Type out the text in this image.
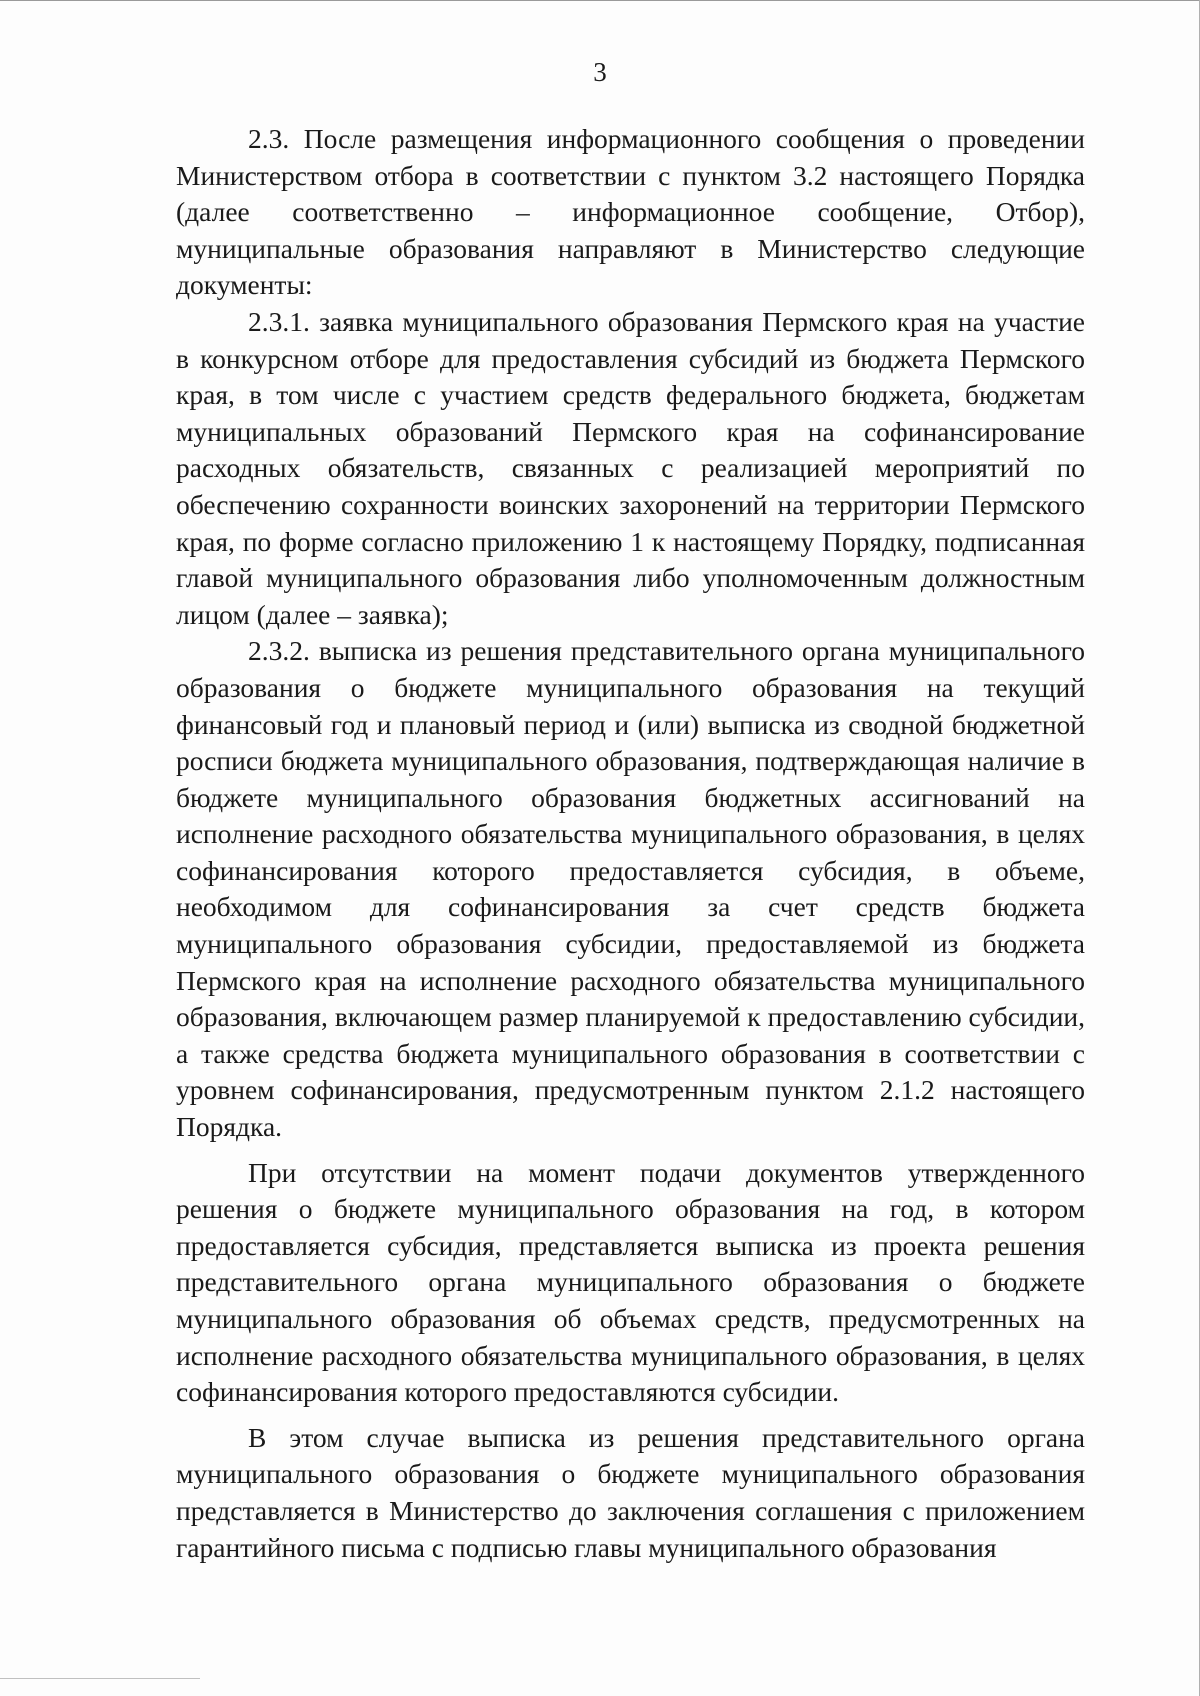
3

2.3. После размещения информационного сообщения о проведении Министерством отбора в соответствии с пунктом 3.2 настоящего Порядка (далее соответственно – информационное сообщение, Отбор), муниципальные образования направляют в Министерство следующие документы:

2.3.1. заявка муниципального образования Пермского края на участие в конкурсном отборе для предоставления субсидий из бюджета Пермского края, в том числе с участием средств федерального бюджета, бюджетам муниципальных образований Пермского края на софинансирование расходных обязательств, связанных с реализацией мероприятий по обеспечению сохранности воинских захоронений на территории Пермского края, по форме согласно приложению 1 к настоящему Порядку, подписанная главой муниципального образования либо уполномоченным должностным лицом (далее – заявка);

2.3.2. выписка из решения представительного органа муниципального образования о бюджете муниципального образования на текущий финансовый год и плановый период и (или) выписка из сводной бюджетной росписи бюджета муниципального образования, подтверждающая наличие в бюджете муниципального образования бюджетных ассигнований на исполнение расходного обязательства муниципального образования, в целях софинансирования которого предоставляется субсидия, в объеме, необходимом для софинансирования за счет средств бюджета муниципального образования субсидии, предоставляемой из бюджета Пермского края на исполнение расходного обязательства муниципального образования, включающем размер планируемой к предоставлению субсидии, а также средства бюджета муниципального образования в соответствии с уровнем софинансирования, предусмотренным пунктом 2.1.2 настоящего Порядка.

При отсутствии на момент подачи документов утвержденного решения о бюджете муниципального образования на год, в котором предоставляется субсидия, представляется выписка из проекта решения представительного органа муниципального образования о бюджете муниципального образования об объемах средств, предусмотренных на исполнение расходного обязательства муниципального образования, в целях софинансирования которого предоставляются субсидии.

В этом случае выписка из решения представительного органа муниципального образования о бюджете муниципального образования представляется в Министерство до заключения соглашения с приложением гарантийного письма с подписью главы муниципального образования
